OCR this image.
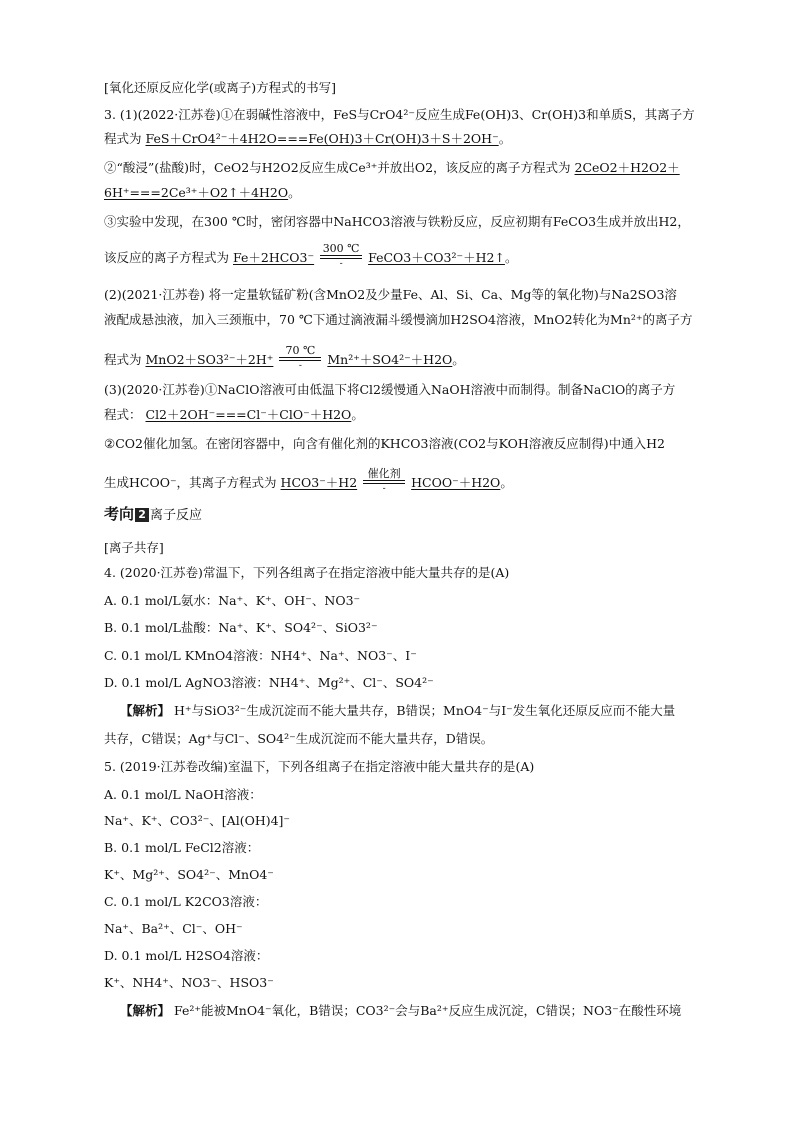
[氧化还原反应化学(或离子)方程式的书写]
3. (1)(2022·江苏卷)①在弱碱性溶液中，FeS与CrO4²⁻反应生成Fe(OH)3、Cr(OH)3和单质S，其离子方
程式为 FeS＋CrO4²⁻＋4H2O===Fe(OH)3＋Cr(OH)3＋S＋2OH⁻。
②“酸浸”(盐酸)时，CeO2与H2O2反应生成Ce³⁺并放出O2，该反应的离子方程式为 2CeO2＋H2O2＋
6H⁺===2Ce³⁺＋O2↑＋4H2O。
③实验中发现，在300 ℃时，密闭容器中NaHCO3溶液与铁粉反应，反应初期有FeCO3生成并放出H2，
该反应的离子方程式为 Fe＋2HCO3⁻
300 ℃
-	FeCO3＋CO3²⁻＋H2↑。
(2)(2021·江苏卷) 将一定量软锰矿粉(含MnO2及少量Fe、Al、Si、Ca、Mg等的氧化物)与Na2SO3溶
液配成悬浊液，加入三颈瓶中，70 ℃下通过滴液漏斗缓慢滴加H2SO4溶液，MnO2转化为Mn²⁺的离子方
程式为 MnO2＋SO3²⁻＋2H⁺
70 ℃
-	Mn²⁺＋SO4²⁻＋H2O。
(3)(2020·江苏卷)①NaClO溶液可由低温下将Cl2缓慢通入NaOH溶液中而制得。制备NaClO的离子方
程式： Cl2＋2OH⁻===Cl⁻＋ClO⁻＋H2O。
②CO2催化加氢。在密闭容器中，向含有催化剂的KHCO3溶液(CO2与KOH溶液反应制得)中通入H2
生成HCOO⁻，其离子方程式为 HCO3⁻＋H2
催化剂
-	HCOO⁻＋H2O。
考向 2 离子反应
[离子共存]
4. (2020·江苏卷)常温下，下列各组离子在指定溶液中能大量共存的是(A)
A. 0.1 mol/L氨水：Na⁺、K⁺、OH⁻、NO3⁻
B. 0.1 mol/L盐酸：Na⁺、K⁺、SO4²⁻、SiO3²⁻
C. 0.1 mol/L KMnO4溶液：NH4⁺、Na⁺、NO3⁻、I⁻
D. 0.1 mol/L AgNO3溶液：NH4⁺、Mg²⁺、Cl⁻、SO4²⁻
【解析】 H⁺与SiO3²⁻生成沉淀而不能大量共存，B错误；MnO4⁻与I⁻发生氧化还原反应而不能大量
共存，C错误；Ag⁺与Cl⁻、SO4²⁻生成沉淀而不能大量共存，D错误。
5. (2019·江苏卷改编)室温下，下列各组离子在指定溶液中能大量共存的是(A)
A. 0.1 mol/L NaOH溶液：
Na⁺、K⁺、CO3²⁻、[Al(OH)4]⁻
B. 0.1 mol/L FeCl2溶液：
K⁺、Mg²⁺、SO4²⁻、MnO4⁻
C. 0.1 mol/L K2CO3溶液：
Na⁺、Ba²⁺、Cl⁻、OH⁻
D. 0.1 mol/L H2SO4溶液：
K⁺、NH4⁺、NO3⁻、HSO3⁻
【解析】 Fe²⁺能被MnO4⁻氧化，B错误；CO3²⁻会与Ba²⁺反应生成沉淀，C错误；NO3⁻在酸性环境
